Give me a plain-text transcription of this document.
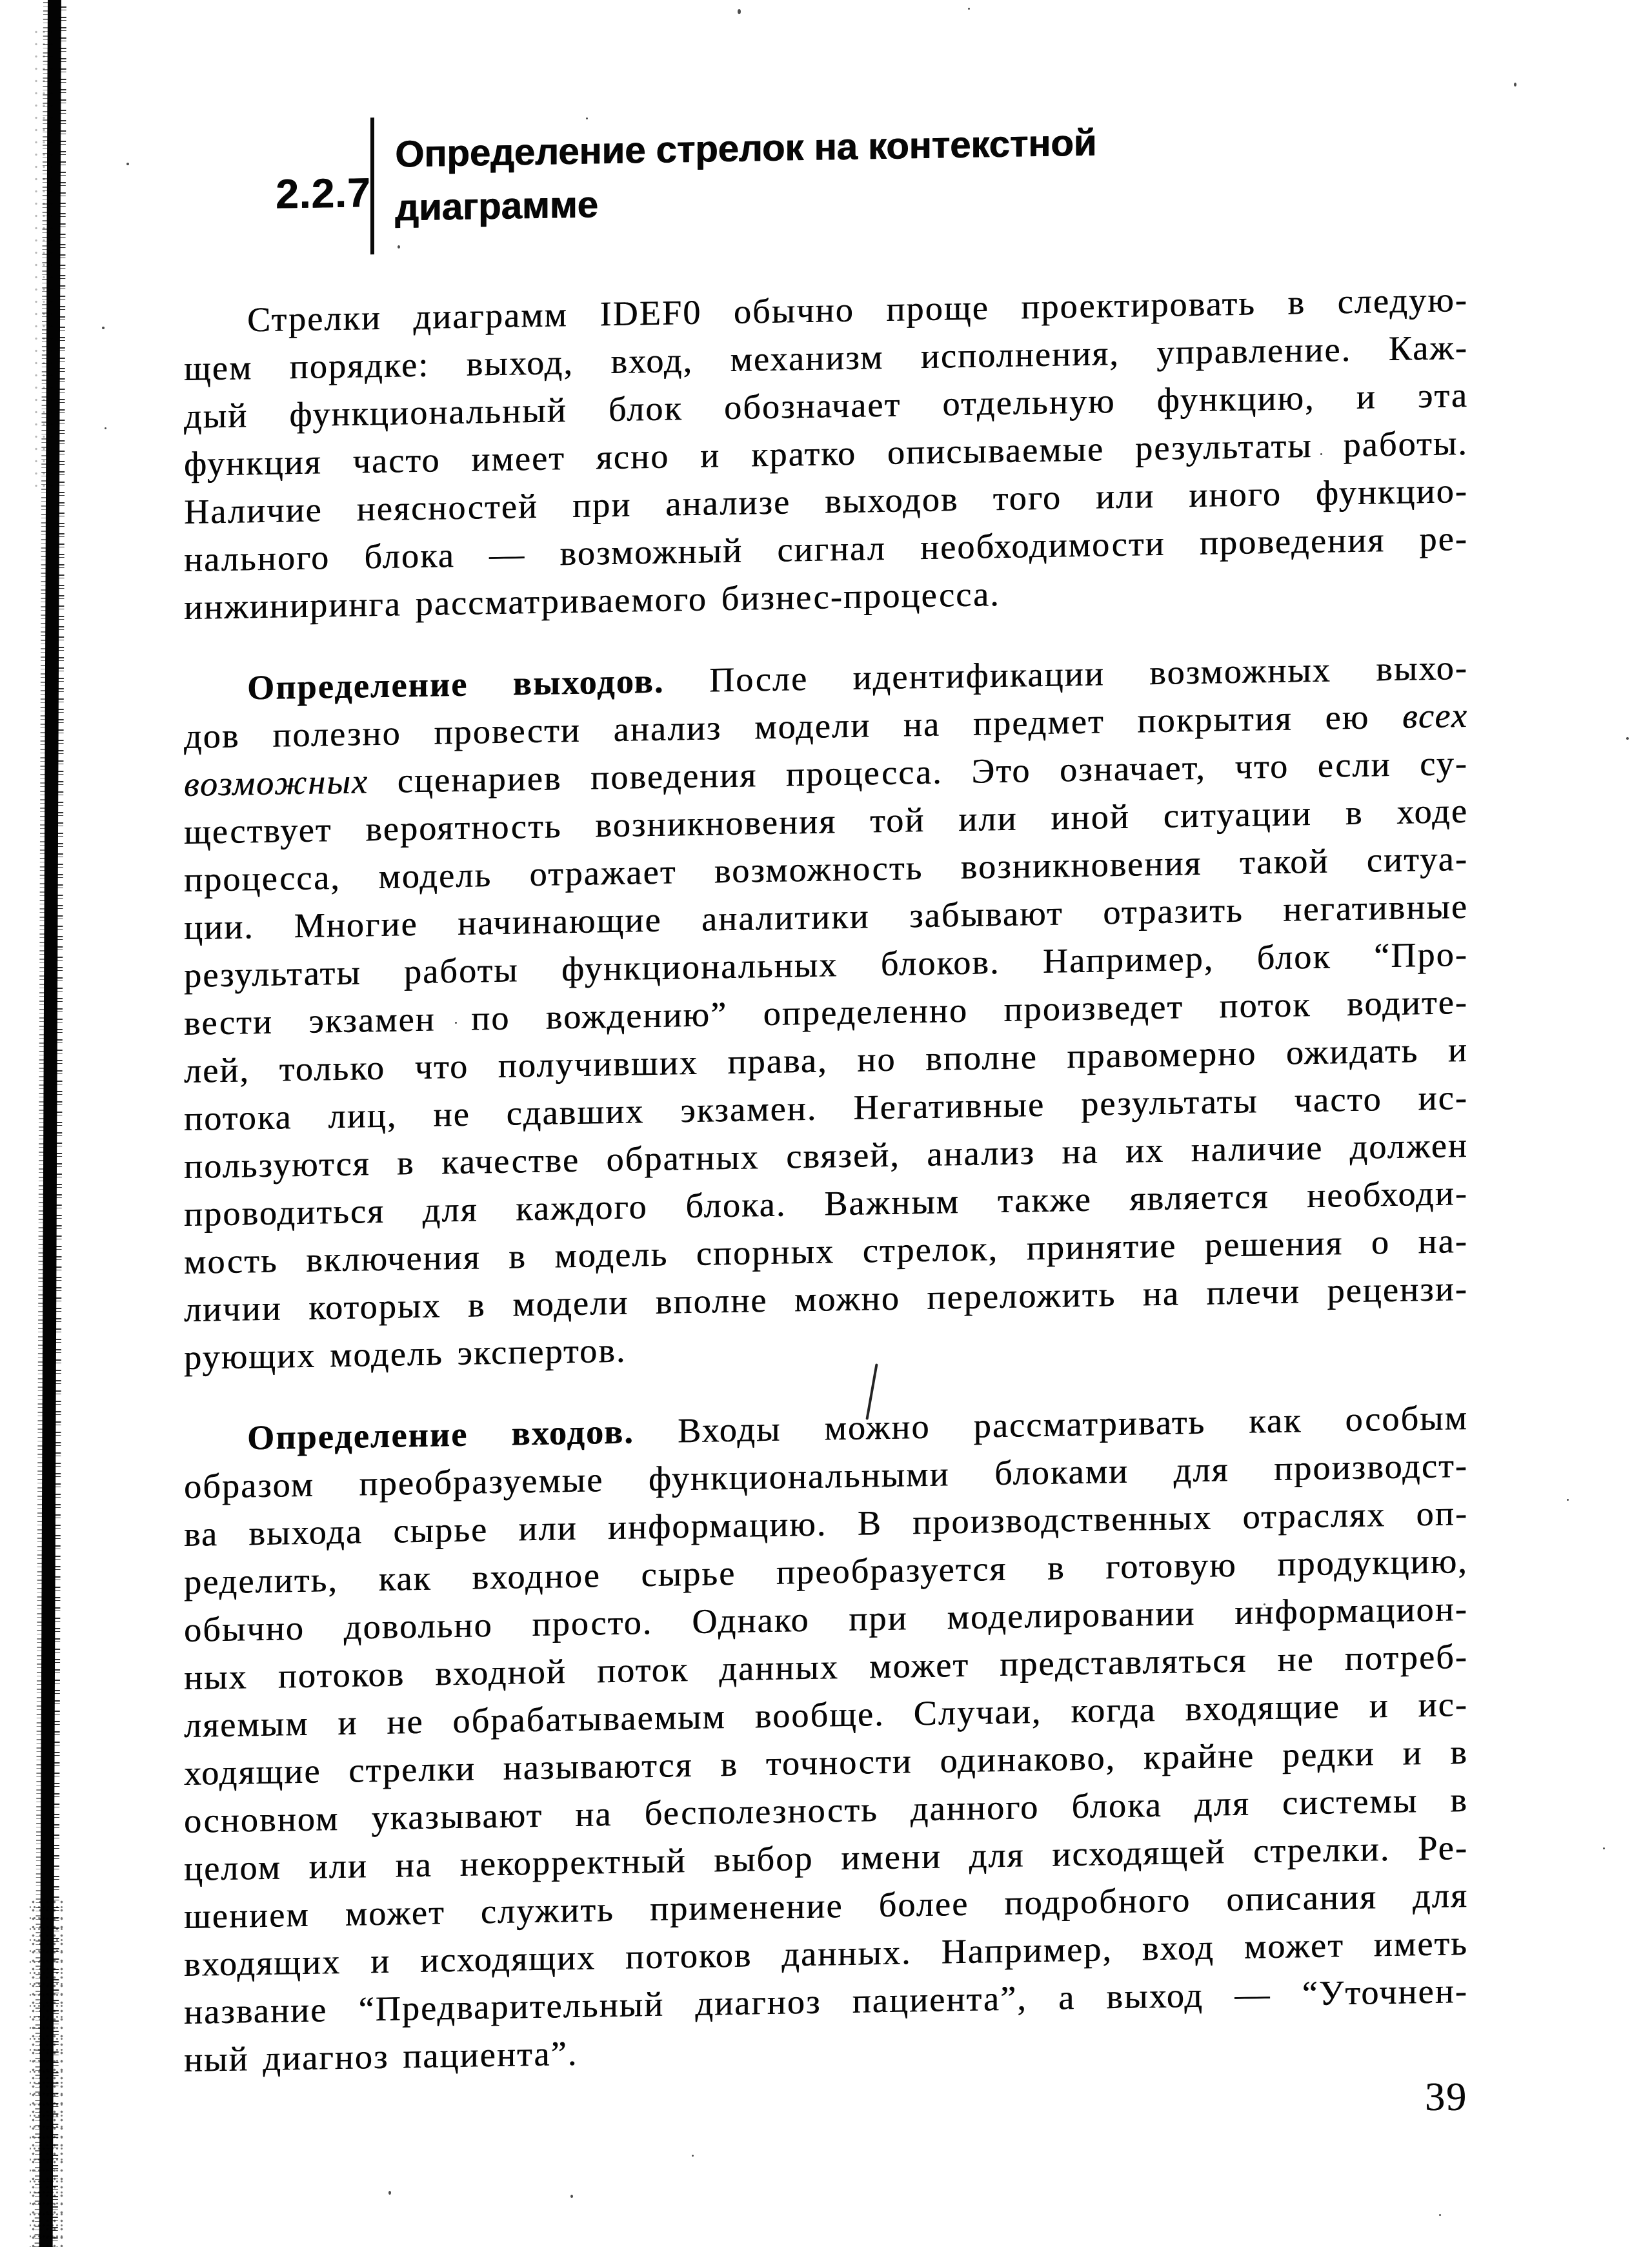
2.2.7
Определение стрелок на контекстной
диаграмме
Стрелки диаграмм IDEF0 обычно проще проектировать в следую-
щем порядке: выход, вход, механизм исполнения, управление. Каж-
дый функциональный блок обозначает отдельную функцию, и эта
функция часто имеет ясно и кратко описываемые результаты работы.
Наличие неясностей при анализе выходов того или иного функцио-
нального блока — возможный сигнал необходимости проведения ре-
инжиниринга рассматриваемого бизнес-процесса.
Определение выходов. После идентификации возможных выхо-
дов полезно провести анализ модели на предмет покрытия ею всех
возможных сценариев поведения процесса. Это означает, что если су-
ществует вероятность возникновения той или иной ситуации в ходе
процесса, модель отражает возможность возникновения такой ситуа-
ции. Многие начинающие аналитики забывают отразить негативные
результаты работы функциональных блоков. Например, блок “Про-
вести экзамен по вождению” определенно произведет поток водите-
лей, только что получивших права, но вполне правомерно ожидать и
потока лиц, не сдавших экзамен. Негативные результаты часто ис-
пользуются в качестве обратных связей, анализ на их наличие должен
проводиться для каждого блока. Важным также является необходи-
мость включения в модель спорных стрелок, принятие решения о на-
личии которых в модели вполне можно переложить на плечи рецензи-
рующих модель экспертов.
Определение входов. Входы можно рассматривать как особым
образом преобразуемые функциональными блоками для производст-
ва выхода сырье или информацию. В производственных отраслях оп-
ределить, как входное сырье преобразуется в готовую продукцию,
обычно довольно просто. Однако при моделировании информацион-
ных потоков входной поток данных может представляться не потреб-
ляемым и не обрабатываемым вообще. Случаи, когда входящие и ис-
ходящие стрелки называются в точности одинаково, крайне редки и в
основном указывают на бесполезность данного блока для системы в
целом или на некорректный выбор имени для исходящей стрелки. Ре-
шением может служить применение более подробного описания для
входящих и исходящих потоков данных. Например, вход может иметь
название “Предварительный диагноз пациента”, а выход — “Уточнен-
ный диагноз пациента”.
39
